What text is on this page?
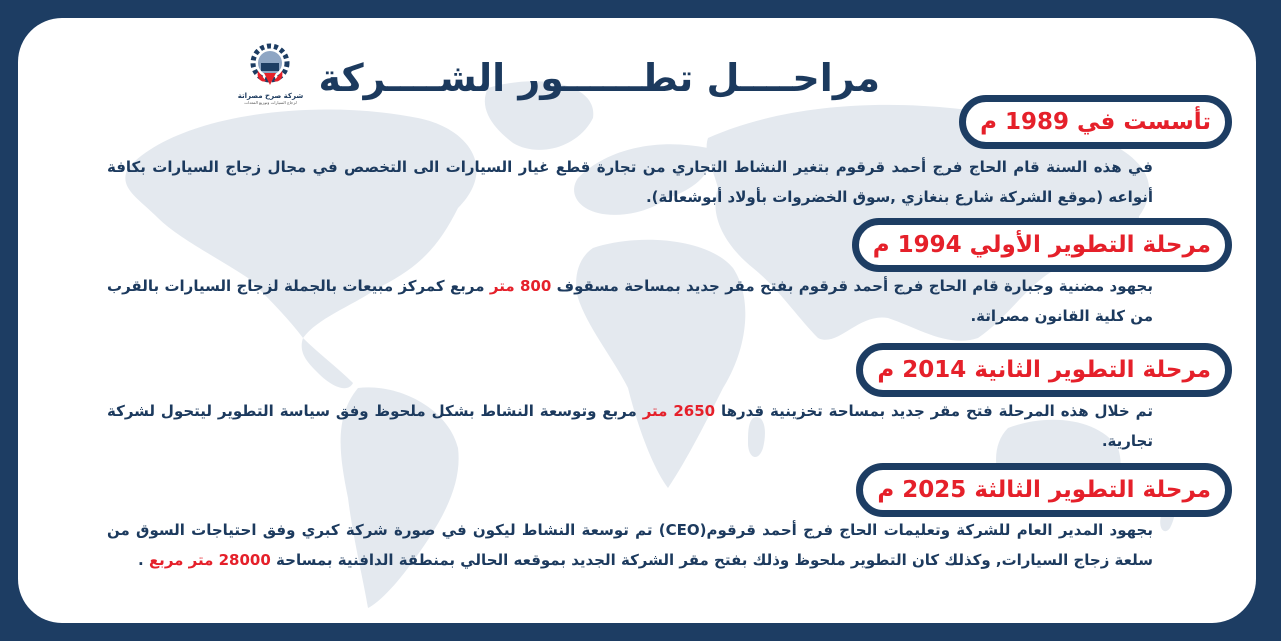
مراحــــل تطــــــور الشــــركة
شركة صرح مصراتة
لزجاج السيارات وتوزيع المعدات
تأسست في 1989 م
في هذه السنة قام الحاج فرج أحمد قرقوم بتغير النشاط التجاري من تجارة قطع غيار السيارات الى التخصص في مجال زجاج السيارات بكافة أنواعه (موقع الشركة شارع بنغازي ,سوق الخضروات بأولاد أبوشعالة).
مرحلة التطوير الأولي 1994 م
بجهود مضنية وجبارة قام الحاج فرج أحمد قرقوم بفتح مقر جديد بمساحة مسقوف 800 متر مربع كمركز مبيعات بالجملة لزجاج السيارات بالقرب من كلية القانون مصراتة.
مرحلة التطوير الثانية 2014 م
تم خلال هذه المرحلة فتح مقر جديد بمساحة تخزينية قدرها 2650 متر مربع وتوسعة النشاط بشكل ملحوظ وفق سياسة التطوير ليتحول لشركة تجارية.
مرحلة التطوير الثالثة 2025 م
بجهود المدير العام للشركة وتعليمات الحاج فرج أحمد قرقوم(CEO) تم توسعة النشاط ليكون في صورة شركة كبري وفق احتياجات السوق من سلعة زجاج السيارات, وكذلك كان التطوير ملحوظ وذلك بفتح مقر الشركة الجديد بموقعه الحالي بمنطقة الدافنية بمساحة 28000 متر مربع .
